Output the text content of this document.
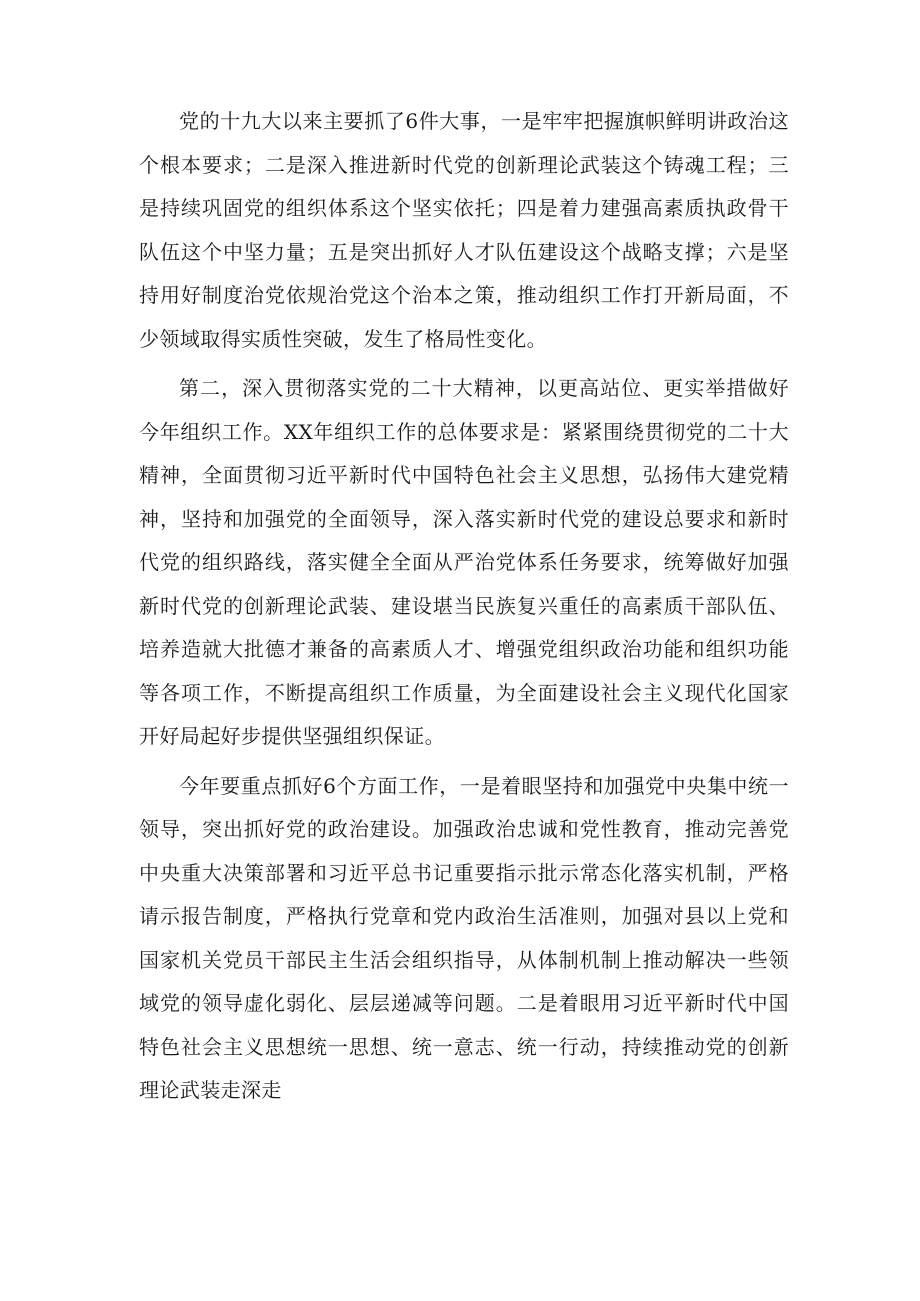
党的十九大以来主要抓了6件大事，一是牢牢把握旗帜鲜明讲政治这个根本要求；二是深入推进新时代党的创新理论武装这个铸魂工程；三是持续巩固党的组织体系这个坚实依托；四是着力建强高素质执政骨干队伍这个中坚力量；五是突出抓好人才队伍建设这个战略支撑；六是坚持用好制度治党依规治党这个治本之策，推动组织工作打开新局面，不少领域取得实质性突破，发生了格局性变化。

第二，深入贯彻落实党的二十大精神，以更高站位、更实举措做好今年组织工作。XX年组织工作的总体要求是：紧紧围绕贯彻党的二十大精神，全面贯彻习近平新时代中国特色社会主义思想，弘扬伟大建党精神，坚持和加强党的全面领导，深入落实新时代党的建设总要求和新时代党的组织路线，落实健全全面从严治党体系任务要求，统筹做好加强新时代党的创新理论武装、建设堪当民族复兴重任的高素质干部队伍、培养造就大批德才兼备的高素质人才、增强党组织政治功能和组织功能等各项工作，不断提高组织工作质量，为全面建设社会主义现代化国家开好局起好步提供坚强组织保证。

今年要重点抓好6个方面工作，一是着眼坚持和加强党中央集中统一领导，突出抓好党的政治建设。加强政治忠诚和党性教育，推动完善党中央重大决策部署和习近平总书记重要指示批示常态化落实机制，严格请示报告制度，严格执行党章和党内政治生活准则，加强对县以上党和国家机关党员干部民主生活会组织指导，从体制机制上推动解决一些领域党的领导虚化弱化、层层递减等问题。二是着眼用习近平新时代中国特色社会主义思想统一思想、统一意志、统一行动，持续推动党的创新理论武装走深走
